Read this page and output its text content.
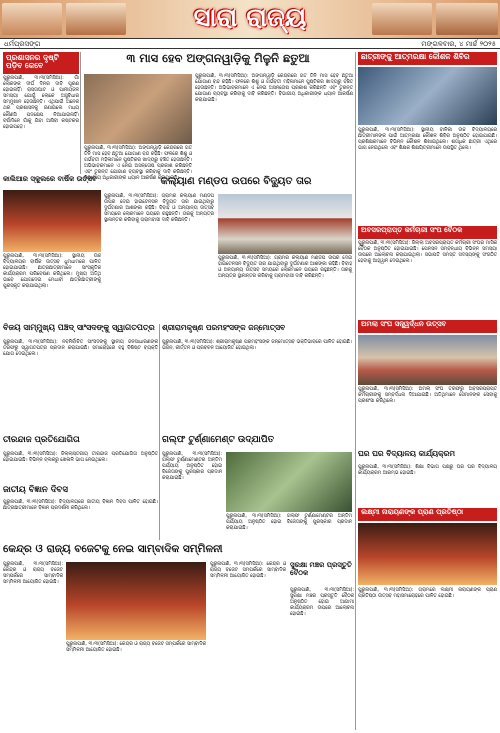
ସାରା ରାଜ୍ୟ
ଧର୍ମପ୍ରସଙ୍ଗ	ମଙ୍ଗଳବାର, ୪ ମାର୍ଚ୍ଚ ୨୦୨୫
ପ୍ରଶାସନର ଦୃଷ୍ଟି ପଡ଼ିବ କେବେ
ପୁରୁନାପାଣି, ୩।୩(ସମିସିଆ): ଗାଁ ଲୋକଙ୍କ ଦୀର୍ଘ ଦିନର ଦାବି ପୂରଣ ହୋଇନାହିଁ। ରାସ୍ତାଘାଟ ଓ ପାନୀୟଜଳ ସମସ୍ୟା ଯୋଗୁଁ ଲୋକେ ଅସୁବିଧାର ସମ୍ମୁଖୀନ ହେଉଛନ୍ତି। ଏଥିପାଇଁ ଅନେକ ଥର ପ୍ରଶାସନକୁ ଜଣାଇଲେ ମଧ୍ୟ କୌଣସି ପଦକ୍ଷେପ ନିଆଯାଇନାହିଁ। ବର୍ଷାଦିନେ ଗାଁକୁ ଯିବା ଆସିବା କଷ୍ଟକର ହୋଇପଡ଼େ।
୩ ମାସ ହେବ ଅଙ୍ଗନୱାଡ଼ିକୁ ମିଳୁନି ଛତୁଆ
ପୁରୁନାପାଣି, ୩।୩(ସମିସିଆ): ଅଙ୍ଗନୱାଡ଼ି କେନ୍ଦ୍ରରେ ଗତ ତିନି ମାସ ହେବ ଛତୁଆ ଯୋଗାଣ ବନ୍ଦ ରହିଛି। ଫଳରେ ଶିଶୁ ଓ ଗର୍ଭବତୀ ମହିଳାମାନେ ପୁଷ୍ଟିକର ଖାଦ୍ୟରୁ ବଞ୍ଚିତ ହେଉଛନ୍ତି। ଅଭିଭାବକମାନେ ଏ ନେଇ ଅସନ୍ତୋଷ ପ୍ରକାଶ କରିଛନ୍ତି ଏବଂ ତୁରନ୍ତ ଯୋଗାଣ ବ୍ୟବସ୍ଥା କରିବାକୁ ଦାବି କରିଛନ୍ତି। ବିଭାଗୀୟ ଅଧିକାରୀଙ୍କ ଧ୍ୟାନ ଆକର୍ଷଣ କରାଯାଇଛି।
ପୁରୁନାପାଣି, ୩।୩(ସମିସିଆ): ଅଙ୍ଗନୱାଡ଼ି କେନ୍ଦ୍ରରେ ଗତ ତିନି ମାସ ହେବ ଛତୁଆ ଯୋଗାଣ ବନ୍ଦ ରହିଛି। ଫଳରେ ଶିଶୁ ଓ ଗର୍ଭବତୀ ମହିଳାମାନେ ପୁଷ୍ଟିକର ଖାଦ୍ୟରୁ ବଞ୍ଚିତ ହେଉଛନ୍ତି। ଅଭିଭାବକମାନେ ଏ ନେଇ ଅସନ୍ତୋଷ ପ୍ରକାଶ କରିଛନ୍ତି ଏବଂ ତୁରନ୍ତ ଯୋଗାଣ ବ୍ୟବସ୍ଥା କରିବାକୁ ଦାବି କରିଛନ୍ତି। ବିଭାଗୀୟ ଅଧିକାରୀଙ୍କ ଧ୍ୟାନ ଆକର୍ଷଣ କରାଯାଇଛି।
ଛାତ୍ରୀଙ୍କୁ ଆତ୍ମରକ୍ଷା କୌଶଳ ଶିବିର
ପୁରୁନାପାଣି, ୩।୩(ସମିସିଆ): ସ୍ଥାନୀୟ ବାଳିକା ଉଚ୍ଚ ବିଦ୍ୟାଳୟରେ ଛାତ୍ରୀମାନଙ୍କ ପାଇଁ ଆତ୍ମରକ୍ଷା କୌଶଳ ଶିବିର ଅନୁଷ୍ଠିତ ହୋଇଯାଇଛି। ପ୍ରଶିକ୍ଷକମାନେ ବିଭିନ୍ନ କୌଶଳ ଶିଖାଇଥିଲେ। ଶତାଧିକ ଛାତ୍ରୀ ଏଥିରେ ଭାଗ ନେଇଥିଲେ ଏବଂ ଶିକ୍ଷକ ଶିକ୍ଷୟିତ୍ରୀମାନେ ଉପସ୍ଥିତ ଥିଲେ।
କାଲିଆର ସ୍କୁଲରେ ବାର୍ଷିକ ଉତ୍ସବ
ପୁରୁନାପାଣି, ୩।୩(ସମିସିଆ): ସ୍ଥାନୀୟ ଉଚ୍ଚ ବିଦ୍ୟାଳୟର ବାର୍ଷିକ ଉତ୍ସବ ଧୁମଧାମରେ ପାଳିତ ହୋଇଯାଇଛି। ଛାତ୍ରଛାତ୍ରୀମାନେ ସାଂସ୍କୃତିକ କାର୍ଯ୍ୟକ୍ରମ ପରିବେଷଣ କରିଥିଲେ। ମୁଖ୍ୟ ଅତିଥି ଭାବେ ଯୋଗଦେଇ ମେଧାବୀ ଛାତ୍ରଛାତ୍ରୀଙ୍କୁ ପୁରସ୍କୃତ କରାଯାଇଥିଲା।
କଲ୍ୟାଣ ମଣ୍ଡପ ଉପରେ ବିଦ୍ୟୁତ ତାର
ପୁରୁନାପାଣି, ୩।୩(ସମିସିଆ): ଗ୍ରାମର କଲ୍ୟାଣ ମଣ୍ଡପ ଉପର ଦେଇ ହାଇଟେନସନ ବିଦ୍ୟୁତ ତାର ଯାଇଥିବାରୁ ଦୁର୍ଘଟଣାର ଆଶଙ୍କା ରହିଛି। ବିବାହ ଓ ଅନ୍ୟାନ୍ୟ ଉତ୍ସବ ସମୟରେ ଲୋକମାନେ ଭୟରେ ରହୁଛନ୍ତି। ତାରକୁ ଅନ୍ୟତ୍ର ସ୍ଥାନାନ୍ତର କରିବାକୁ ଗ୍ରାମବାସୀ ଦାବି କରିଛନ୍ତି।
ପୁରୁନାପାଣି, ୩।୩(ସମିସିଆ): ଗ୍ରାମର କଲ୍ୟାଣ ମଣ୍ଡପ ଉପର ଦେଇ ହାଇଟେନସନ ବିଦ୍ୟୁତ ତାର ଯାଇଥିବାରୁ ଦୁର୍ଘଟଣାର ଆଶଙ୍କା ରହିଛି। ବିବାହ ଓ ଅନ୍ୟାନ୍ୟ ଉତ୍ସବ ସମୟରେ ଲୋକମାନେ ଭୟରେ ରହୁଛନ୍ତି। ତାରକୁ ଅନ୍ୟତ୍ର ସ୍ଥାନାନ୍ତର କରିବାକୁ ଗ୍ରାମବାସୀ ଦାବି କରିଛନ୍ତି।
ଅବସରପ୍ରାପ୍ତ କର୍ମଚାରୀ ସଂଘ ବୈଠକ
ପୁରୁନାପାଣି, ୩।୩(ସମିସିଆ): ଜିଲ୍ଲା ଅବସରପ୍ରାପ୍ତ କର୍ମଚାରୀ ସଂଘର ମାସିକ ବୈଠକ ଅନୁଷ୍ଠିତ ହୋଇଯାଇଛି। ପେନସନ ସମ୍ବନ୍ଧୀୟ ବିଭିନ୍ନ ସମସ୍ୟା ଉପରେ ଆଲୋଚନା କରାଯାଇଥିଲା। ସଭାପତି ସମସ୍ତ ସଦସ୍ୟଙ୍କୁ ସଂଗଠିତ ହେବାକୁ ଆହ୍ୱାନ ଦେଇଥିଲେ।
ବିଜୟ ସାମ୍ମୁଖ୍ୟ ପଞ୍ଚଦ୍ ସାଂସଦଙ୍କୁ ସ୍ୱାଗତପତ୍ର
ପୁରୁନାପାଣି, ୩।୩(ସମିସିଆ): ନବନିର୍ବାଚିତ ସାଂସଦଙ୍କୁ ସ୍ଥାନୀୟ ଜନସାଧାରଣଙ୍କ ତରଫରୁ ସ୍ୱାଗତପତ୍ର ପ୍ରଦାନ କରାଯାଇଛି। ସମାରୋହରେ ବହୁ ବିଶିଷ୍ଟ ବ୍ୟକ୍ତି ଯୋଗ ଦେଇଥିଲେ।
ଶ୍ରୀରାମକୃଷ୍ଣ ପରମହଂସଙ୍କ ଜନ୍ମୋତ୍ସବ
ପୁରୁନାପାଣି, ୩।୩(ସମିସିଆ): ଶ୍ରୀରାମକୃଷ୍ଣ ପରମହଂସଙ୍କ ଜନ୍ମୋତ୍ସବ ଭକ୍ତିଭାବରେ ପାଳିତ ହୋଇଛି। ଭଜନ, କୀର୍ତ୍ତନ ଓ ପ୍ରବଚନ ଆୟୋଜିତ ହୋଇଥିଲା।
ଅମଲା ସଂଘ ସନ୍ତ୍ୱର୍ଦ୍ଧନ ଉତ୍ସବ
ପୁରୁନାପାଣି, ୩।୩(ସମିସିଆ): ଅମଲା ସଂଘ ତରଫରୁ ଅବସରପ୍ରାପ୍ତ କର୍ମଚାରୀଙ୍କୁ ସମ୍ବର୍ଦ୍ଧନା ଦିଆଯାଇଛି। ଅତିଥିମାନେ ସେମାନଙ୍କ ସେବାକୁ ପ୍ରଶଂସା କରିଥିଲେ।
ତୀରନ୍ଦାଜ ପ୍ରତିଯୋଗିତା
ପୁରୁନାପାଣି, ୩।୩(ସମିସିଆ): ଜିଲ୍ଲାସ୍ତରୀୟ ତୀରନ୍ଦାଜ ପ୍ରତିଯୋଗିତା ଅନୁଷ୍ଠିତ ହୋଇଯାଇଛି। ବିଭିନ୍ନ ବ୍ଲକରୁ ଖେଳାଳି ଭାଗ ନେଇଥିଲେ।
ଜାତୀୟ ବିଜ୍ଞାନ ଦିବସ
ପୁରୁନାପାଣି, ୩।୩(ସମିସିଆ): ବିଦ୍ୟାଳୟରେ ଜାତୀୟ ବିଜ୍ଞାନ ଦିବସ ପାଳିତ ହୋଇଛି। ଛାତ୍ରଛାତ୍ରୀମାନେ ବିଜ୍ଞାନ ପ୍ରଦର୍ଶନୀ କରିଥିଲେ।
ଗଲ୍ଫ ଟୁର୍ଣ୍ଣାମେଣ୍ଟ ଉଦ୍‌ଯାପିତ
ପୁରୁନାପାଣି, ୩।୩(ସମିସିଆ): ଗଲ୍ଫ ଟୁର୍ଣ୍ଣାମେଣ୍ଟର ଅନ୍ତିମ ପର୍ଯ୍ୟାୟ ଅନୁଷ୍ଠିତ ହୋଇ ବିଜେତାଙ୍କୁ ପୁରସ୍କାର ପ୍ରଦାନ କରାଯାଇଛି।
ପୁରୁନାପାଣି, ୩।୩(ସମିସିଆ): ଗଲ୍ଫ ଟୁର୍ଣ୍ଣାମେଣ୍ଟର ଅନ୍ତିମ ପର୍ଯ୍ୟାୟ ଅନୁଷ୍ଠିତ ହୋଇ ବିଜେତାଙ୍କୁ ପୁରସ୍କାର ପ୍ରଦାନ କରାଯାଇଛି।
ଘର ଘର ବିଦ୍ୟାଳୟ କାର୍ଯ୍ୟକ୍ରମ
ପୁରୁନାପାଣି, ୩।୩(ସମିସିଆ): ଶିକ୍ଷା ବିଭାଗ ପକ୍ଷରୁ ଘର ଘର ବିଦ୍ୟାଳୟ କାର୍ଯ୍ୟକ୍ରମ ଆରମ୍ଭ ହୋଇଛି।
ଲକ୍ଷ୍ମୀ ନାରାୟଣଙ୍କ ପ୍ରାଣ ପ୍ରତିଷ୍ଠା
ପୁରୁନାପାଣି, ୩।୩(ସମିସିଆ): ଗ୍ରାମରେ ଲକ୍ଷ୍ମୀ ନାରାୟଣଙ୍କ ପ୍ରାଣ ପ୍ରତିଷ୍ଠା ଉତ୍ସବ ମହାସମାରୋହରେ ପାଳିତ ହୋଇଛି।
କେନ୍ଦ୍ର ଓ ରାଜ୍ୟ ବଜେଟକୁ ନେଇ ସାମ୍ବାଦିକ ସମ୍ମିଳନୀ
ପୁରୁନାପାଣି, ୩।୩(ସମିସିଆ): କେନ୍ଦ୍ର ଓ ରାଜ୍ୟ ବଜେଟ ସମ୍ପର୍କରେ ସାମ୍ବାଦିକ ସମ୍ମିଳନୀ ଆୟୋଜିତ ହୋଇଛି।
ପୁରୁନାପାଣି, ୩।୩(ସମିସିଆ): କେନ୍ଦ୍ର ଓ ରାଜ୍ୟ ବଜେଟ ସମ୍ପର୍କରେ ସାମ୍ବାଦିକ ସମ୍ମିଳନୀ ଆୟୋଜିତ ହୋଇଛି।
ପୁରୁନାପାଣି, ୩।୩(ସମିସିଆ): କେନ୍ଦ୍ର ଓ ରାଜ୍ୟ ବଜେଟ ସମ୍ପର୍କରେ ସାମ୍ବାଦିକ ସମ୍ମିଳନୀ ଆୟୋଜିତ ହୋଇଛି।
ସୁରକ୍ଷା ମଞ୍ଚର ପ୍ରସ୍ତୁତି ବୈଠକ
ପୁରୁନାପାଣି, ୩।୩(ସମିସିଆ): ସୁରକ୍ଷା ମଞ୍ଚର ପ୍ରସ୍ତୁତି ବୈଠକ ଅନୁଷ୍ଠିତ ହୋଇ ଆଗାମୀ କାର୍ଯ୍ୟକ୍ରମ ଉପରେ ଆଲୋଚନା ହୋଇଛି।
